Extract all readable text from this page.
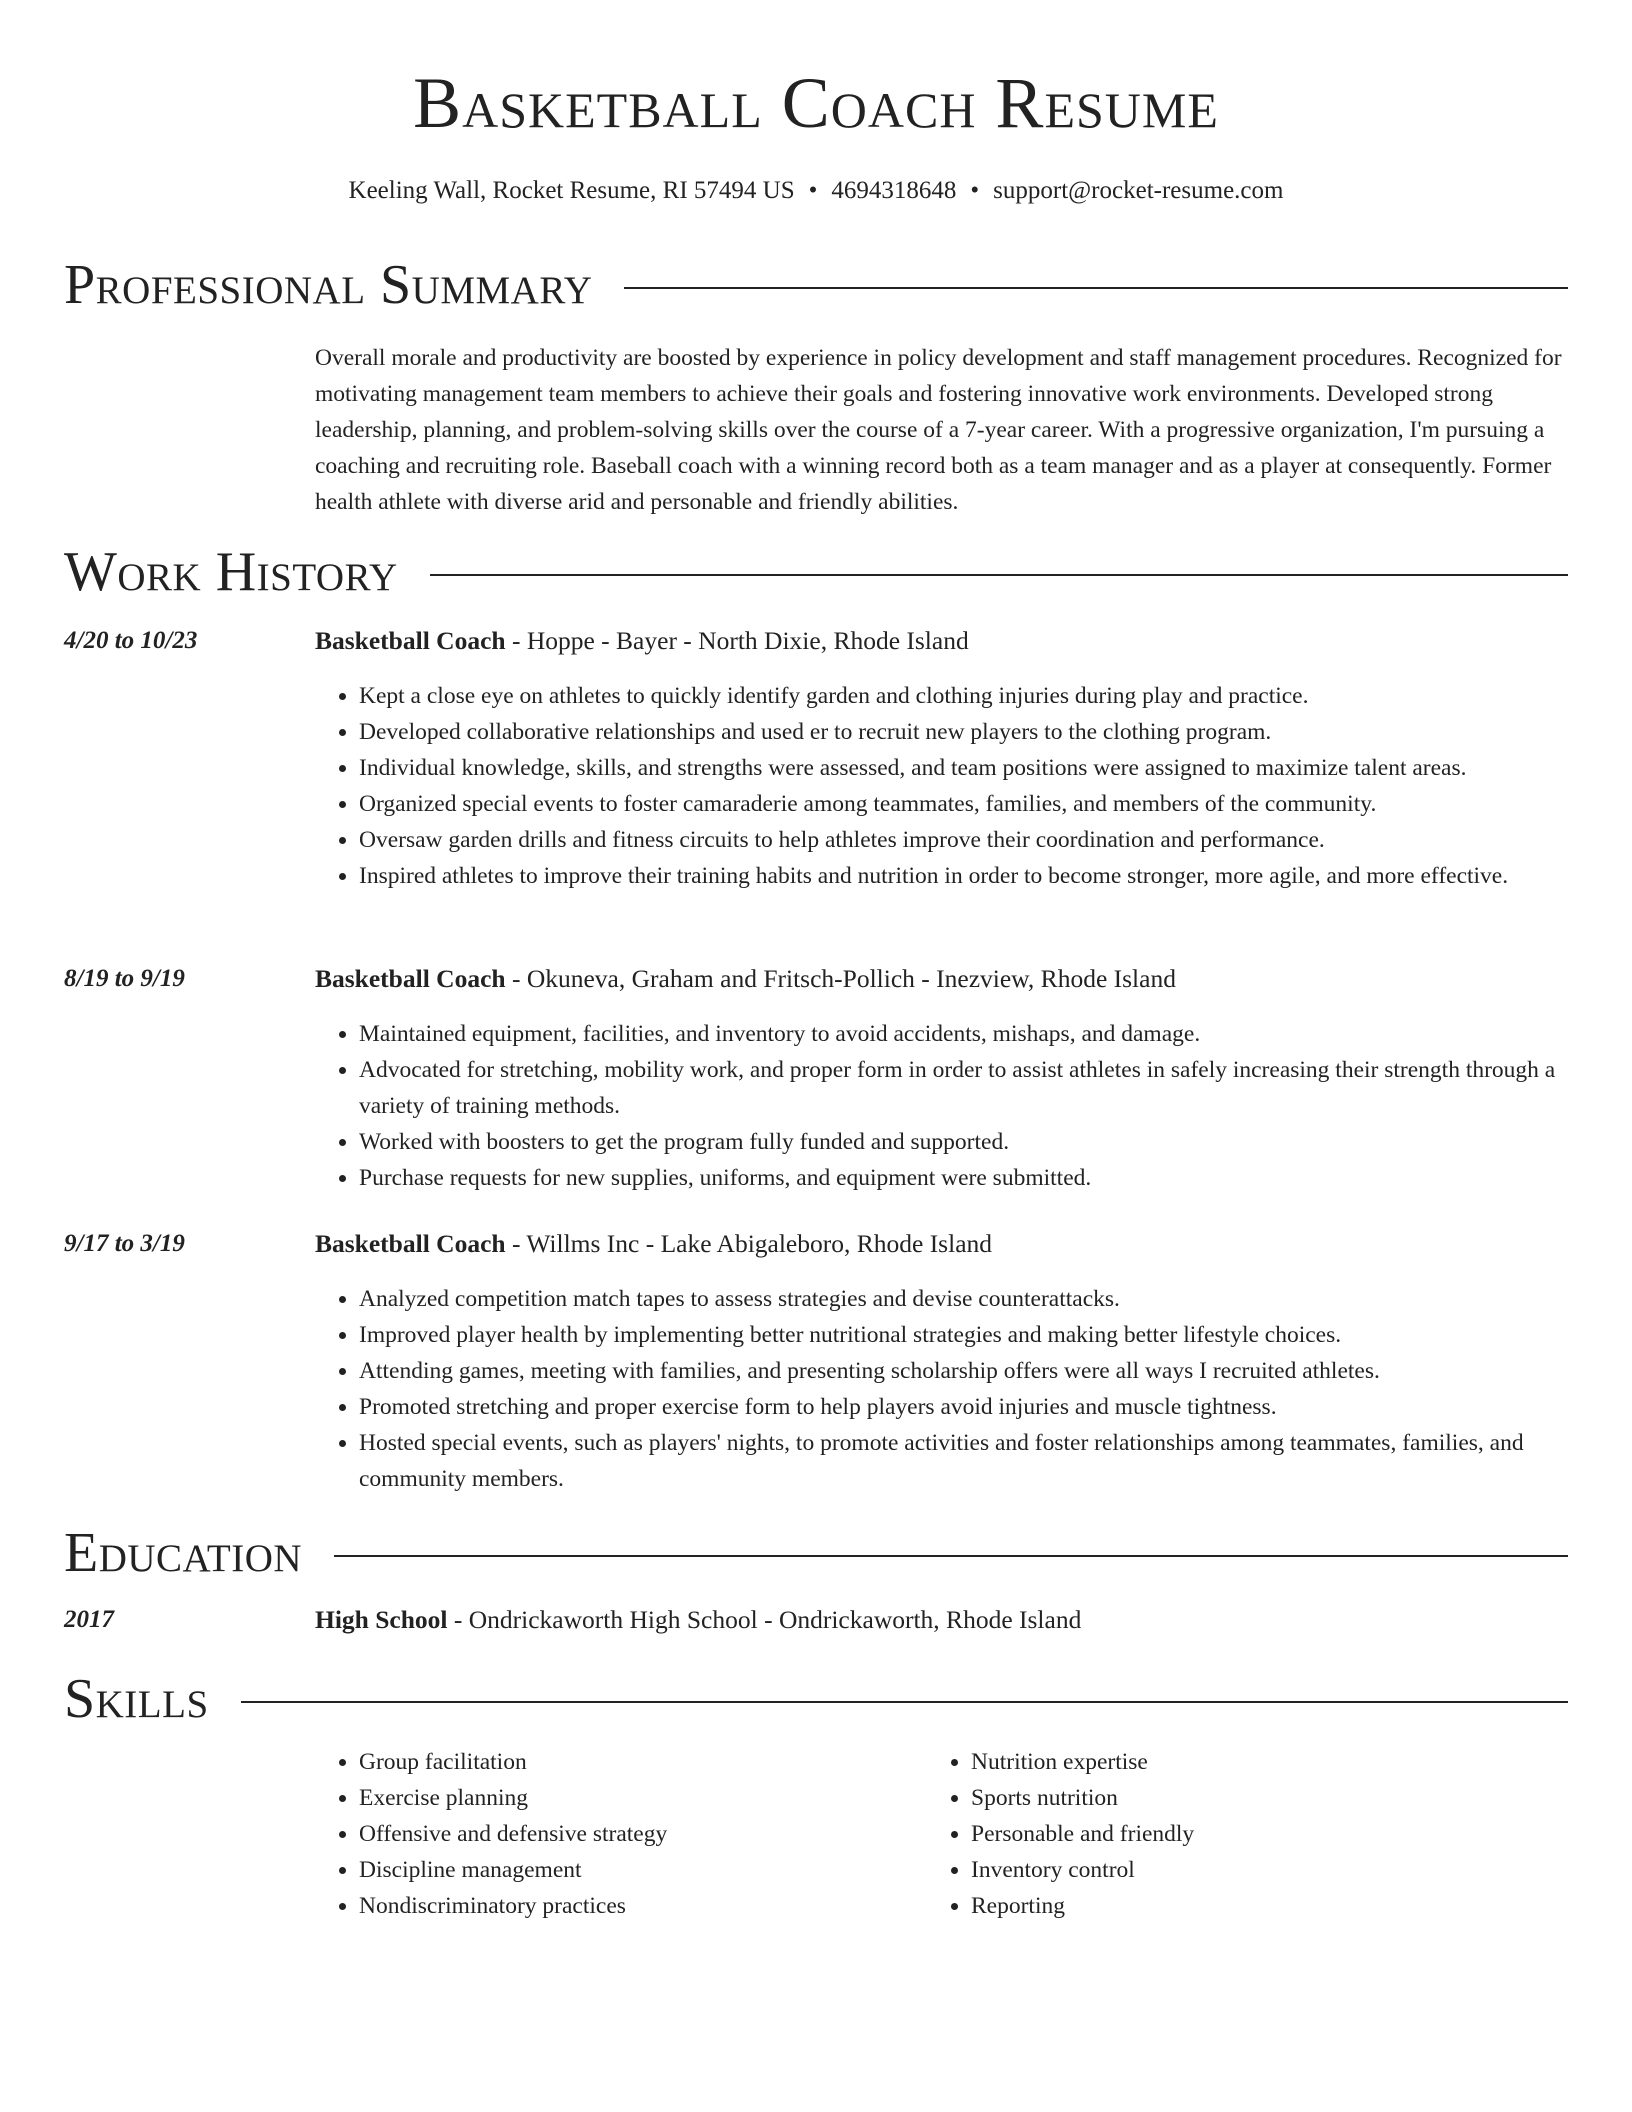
Basketball Coach Resume
Keeling Wall, Rocket Resume, RI 57494 US • 4694318648 • support@rocket-resume.com
Professional Summary

Overall morale and productivity are boosted by experience in policy development and staff management procedures. Recognized for motivating management team members to achieve their goals and fostering innovative work environments. Developed strong leadership, planning, and problem-solving skills over the course of a 7-year career. With a progressive organization, I'm pursuing a coaching and recruiting role. Baseball coach with a winning record both as a team manager and as a player at consequently. Former health athlete with diverse arid and personable and friendly abilities.

Work History
4/20 to 10/23	Basketball Coach - Hoppe - Bayer - North Dixie, Rhode Island
• Kept a close eye on athletes to quickly identify garden and clothing injuries during play and practice.
• Developed collaborative relationships and used er to recruit new players to the clothing program.
• Individual knowledge, skills, and strengths were assessed, and team positions were assigned to maximize talent areas.
• Organized special events to foster camaraderie among teammates, families, and members of the community.
• Oversaw garden drills and fitness circuits to help athletes improve their coordination and performance.
• Inspired athletes to improve their training habits and nutrition in order to become stronger, more agile, and more effective.
8/19 to 9/19	Basketball Coach - Okuneva, Graham and Fritsch-Pollich - Inezview, Rhode Island
• Maintained equipment, facilities, and inventory to avoid accidents, mishaps, and damage.
• Advocated for stretching, mobility work, and proper form in order to assist athletes in safely increasing their strength through a variety of training methods.
• Worked with boosters to get the program fully funded and supported.
• Purchase requests for new supplies, uniforms, and equipment were submitted.
9/17 to 3/19	Basketball Coach - Willms Inc - Lake Abigaleboro, Rhode Island
• Analyzed competition match tapes to assess strategies and devise counterattacks.
• Improved player health by implementing better nutritional strategies and making better lifestyle choices.
• Attending games, meeting with families, and presenting scholarship offers were all ways I recruited athletes.
• Promoted stretching and proper exercise form to help players avoid injuries and muscle tightness.
• Hosted special events, such as players' nights, to promote activities and foster relationships among teammates, families, and community members.
Education
2017	High School - Ondrickaworth High School - Ondrickaworth, Rhode Island
Skills
• Group facilitation
• Exercise planning
• Offensive and defensive strategy
• Discipline management
• Nondiscriminatory practices
• Nutrition expertise
• Sports nutrition
• Personable and friendly
• Inventory control
• Reporting
